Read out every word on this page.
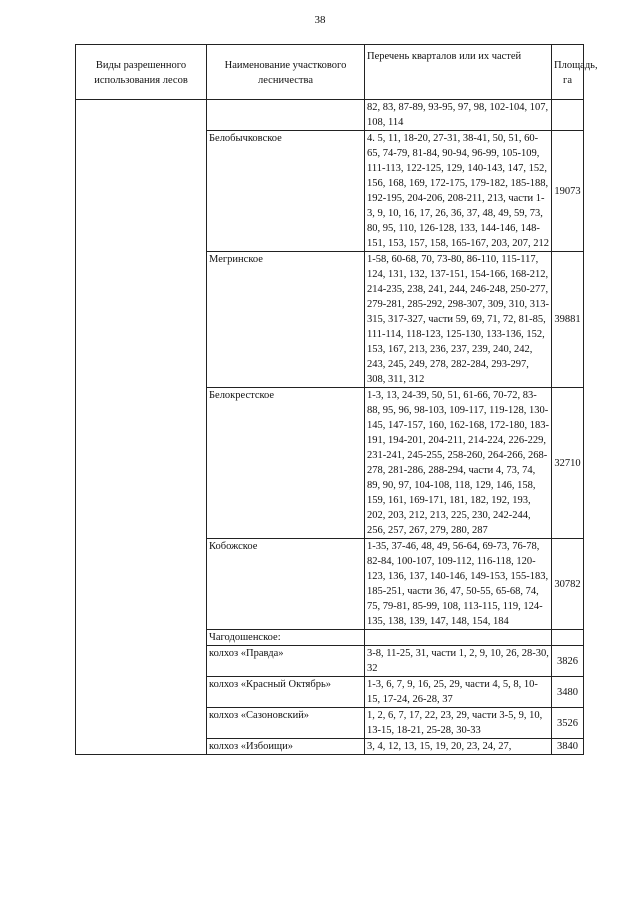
38
Виды разрешенного использования лесов	Наименование участкового лесничества	Перечень кварталов или их частей	Площадь, га
		82, 83, 87-89, 93-95, 97, 98, 102-104, 107, 108, 114	
	Белобычковское	4. 5, 11, 18-20, 27-31, 38-41, 50, 51, 60-65, 74-79, 81-84, 90-94, 96-99, 105-109, 111-113, 122-125, 129, 140-143, 147, 152, 156, 168, 169, 172-175, 179-182, 185-188, 192-195, 204-206, 208-211, 213, части 1-3, 9, 10, 16, 17, 26, 36, 37, 48, 49, 59, 73, 80, 95, 110, 126-128, 133, 144-146, 148-151, 153, 157, 158, 165-167, 203, 207, 212	19073
	Мегринское	1-58, 60-68, 70, 73-80, 86-110, 115-117, 124, 131, 132, 137-151, 154-166, 168-212, 214-235, 238, 241, 244, 246-248, 250-277, 279-281, 285-292, 298-307, 309, 310, 313-315, 317-327, части 59, 69, 71, 72, 81-85, 111-114, 118-123, 125-130, 133-136, 152, 153, 167, 213, 236, 237, 239, 240, 242, 243, 245, 249, 278, 282-284, 293-297, 308, 311, 312	39881
	Белокрестское	1-3, 13, 24-39, 50, 51, 61-66, 70-72, 83-88, 95, 96, 98-103, 109-117, 119-128, 130-145, 147-157, 160, 162-168, 172-180, 183-191, 194-201, 204-211, 214-224, 226-229, 231-241, 245-255, 258-260, 264-266, 268-278, 281-286, 288-294, части 4, 73, 74, 89, 90, 97, 104-108, 118, 129, 146, 158, 159, 161, 169-171, 181, 182, 192, 193, 202, 203, 212, 213, 225, 230, 242-244, 256, 257, 267, 279, 280, 287	32710
	Кобожское	1-35, 37-46, 48, 49, 56-64, 69-73, 76-78, 82-84, 100-107, 109-112, 116-118, 120-123, 136, 137, 140-146, 149-153, 155-183, 185-251, части 36, 47, 50-55, 65-68, 74, 75, 79-81, 85-99, 108, 113-115, 119, 124-135, 138, 139, 147, 148, 154, 184	30782
	Чагодошенское:		
	колхоз «Правда»	3-8, 11-25, 31, части 1, 2, 9, 10, 26, 28-30, 32	3826
	колхоз «Красный Октябрь»	1-3, 6, 7, 9, 16, 25, 29, части 4, 5, 8, 10-15, 17-24, 26-28, 37	3480
	колхоз «Сазоновский»	1, 2, 6, 7, 17, 22, 23, 29, части 3-5, 9, 10, 13-15, 18-21, 25-28, 30-33	3526
	колхоз «Избоищи»	3, 4, 12, 13, 15, 19, 20, 23, 24, 27,	3840
